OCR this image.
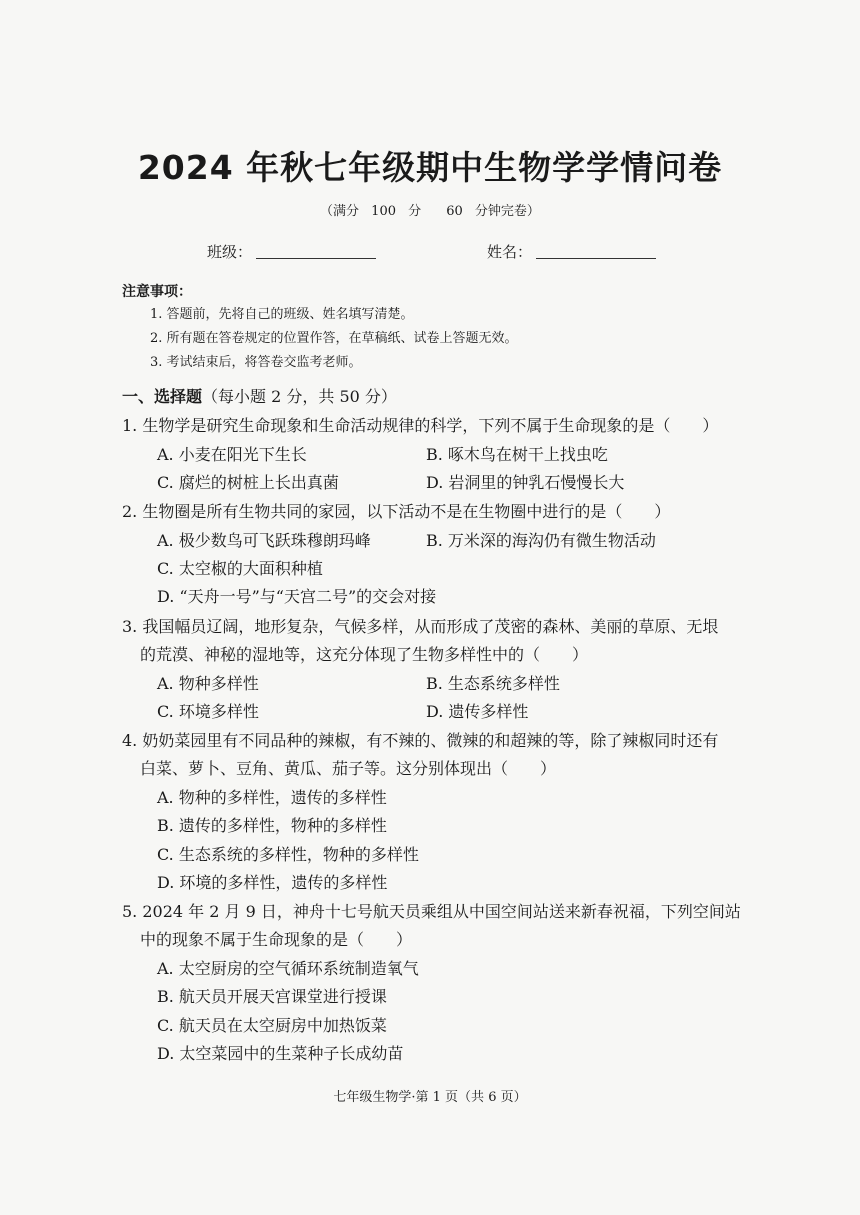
2024 年秋七年级期中生物学学情问卷
（满分 100 分　 60 分钟完卷）
班级：	姓名：
注意事项：
1. 答题前，先将自己的班级、姓名填写清楚。
2. 所有题在答卷规定的位置作答，在草稿纸、试卷上答题无效。
3. 考试结束后，将答卷交监考老师。
一、选择题（每小题 2 分，共 50 分）
1. 生物学是研究生命现象和生命活动规律的科学，下列不属于生命现象的是（　　）
A. 小麦在阳光下生长	B. 啄木鸟在树干上找虫吃
C. 腐烂的树桩上长出真菌	D. 岩洞里的钟乳石慢慢长大
2. 生物圈是所有生物共同的家园，以下活动不是在生物圈中进行的是（　　）
A. 极少数鸟可飞跃珠穆朗玛峰	B. 万米深的海沟仍有微生物活动
C. 太空椒的大面积种植
D. “天舟一号”与“天宫二号”的交会对接
3. 我国幅员辽阔，地形复杂，气候多样，从而形成了茂密的森林、美丽的草原、无垠
的荒漠、神秘的湿地等，这充分体现了生物多样性中的（　　）
A. 物种多样性	B. 生态系统多样性
C. 环境多样性	D. 遗传多样性
4. 奶奶菜园里有不同品种的辣椒，有不辣的、微辣的和超辣的等，除了辣椒同时还有
白菜、萝卜、豆角、黄瓜、茄子等。这分别体现出（　　）
A. 物种的多样性，遗传的多样性
B. 遗传的多样性，物种的多样性
C. 生态系统的多样性，物种的多样性
D. 环境的多样性，遗传的多样性
5. 2024 年 2 月 9 日，神舟十七号航天员乘组从中国空间站送来新春祝福，下列空间站
中的现象不属于生命现象的是（　　）
A. 太空厨房的空气循环系统制造氧气
B. 航天员开展天宫课堂进行授课
C. 航天员在太空厨房中加热饭菜
D. 太空菜园中的生菜种子长成幼苗
七年级生物学·第 1 页（共 6 页）
